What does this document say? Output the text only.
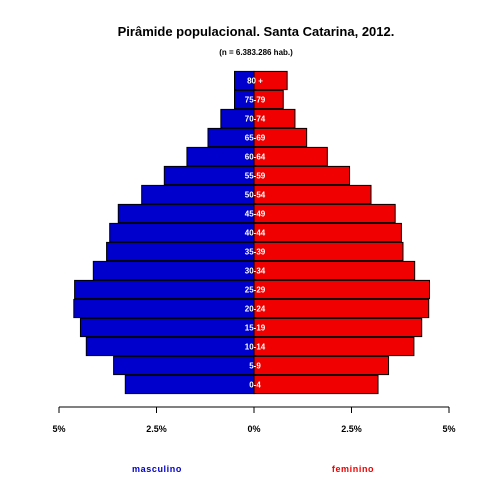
Pirâmide populacional. Santa Catarina, 2012.
(n = 6.383.286 hab.)
0-4
5-9
10-14
15-19
20-24
25-29
30-34
35-39
40-44
45-49
50-54
55-59
60-64
65-69
70-74
75-79
80 +
5%	2.5%	0%	2.5%	5%
masculino	feminino
